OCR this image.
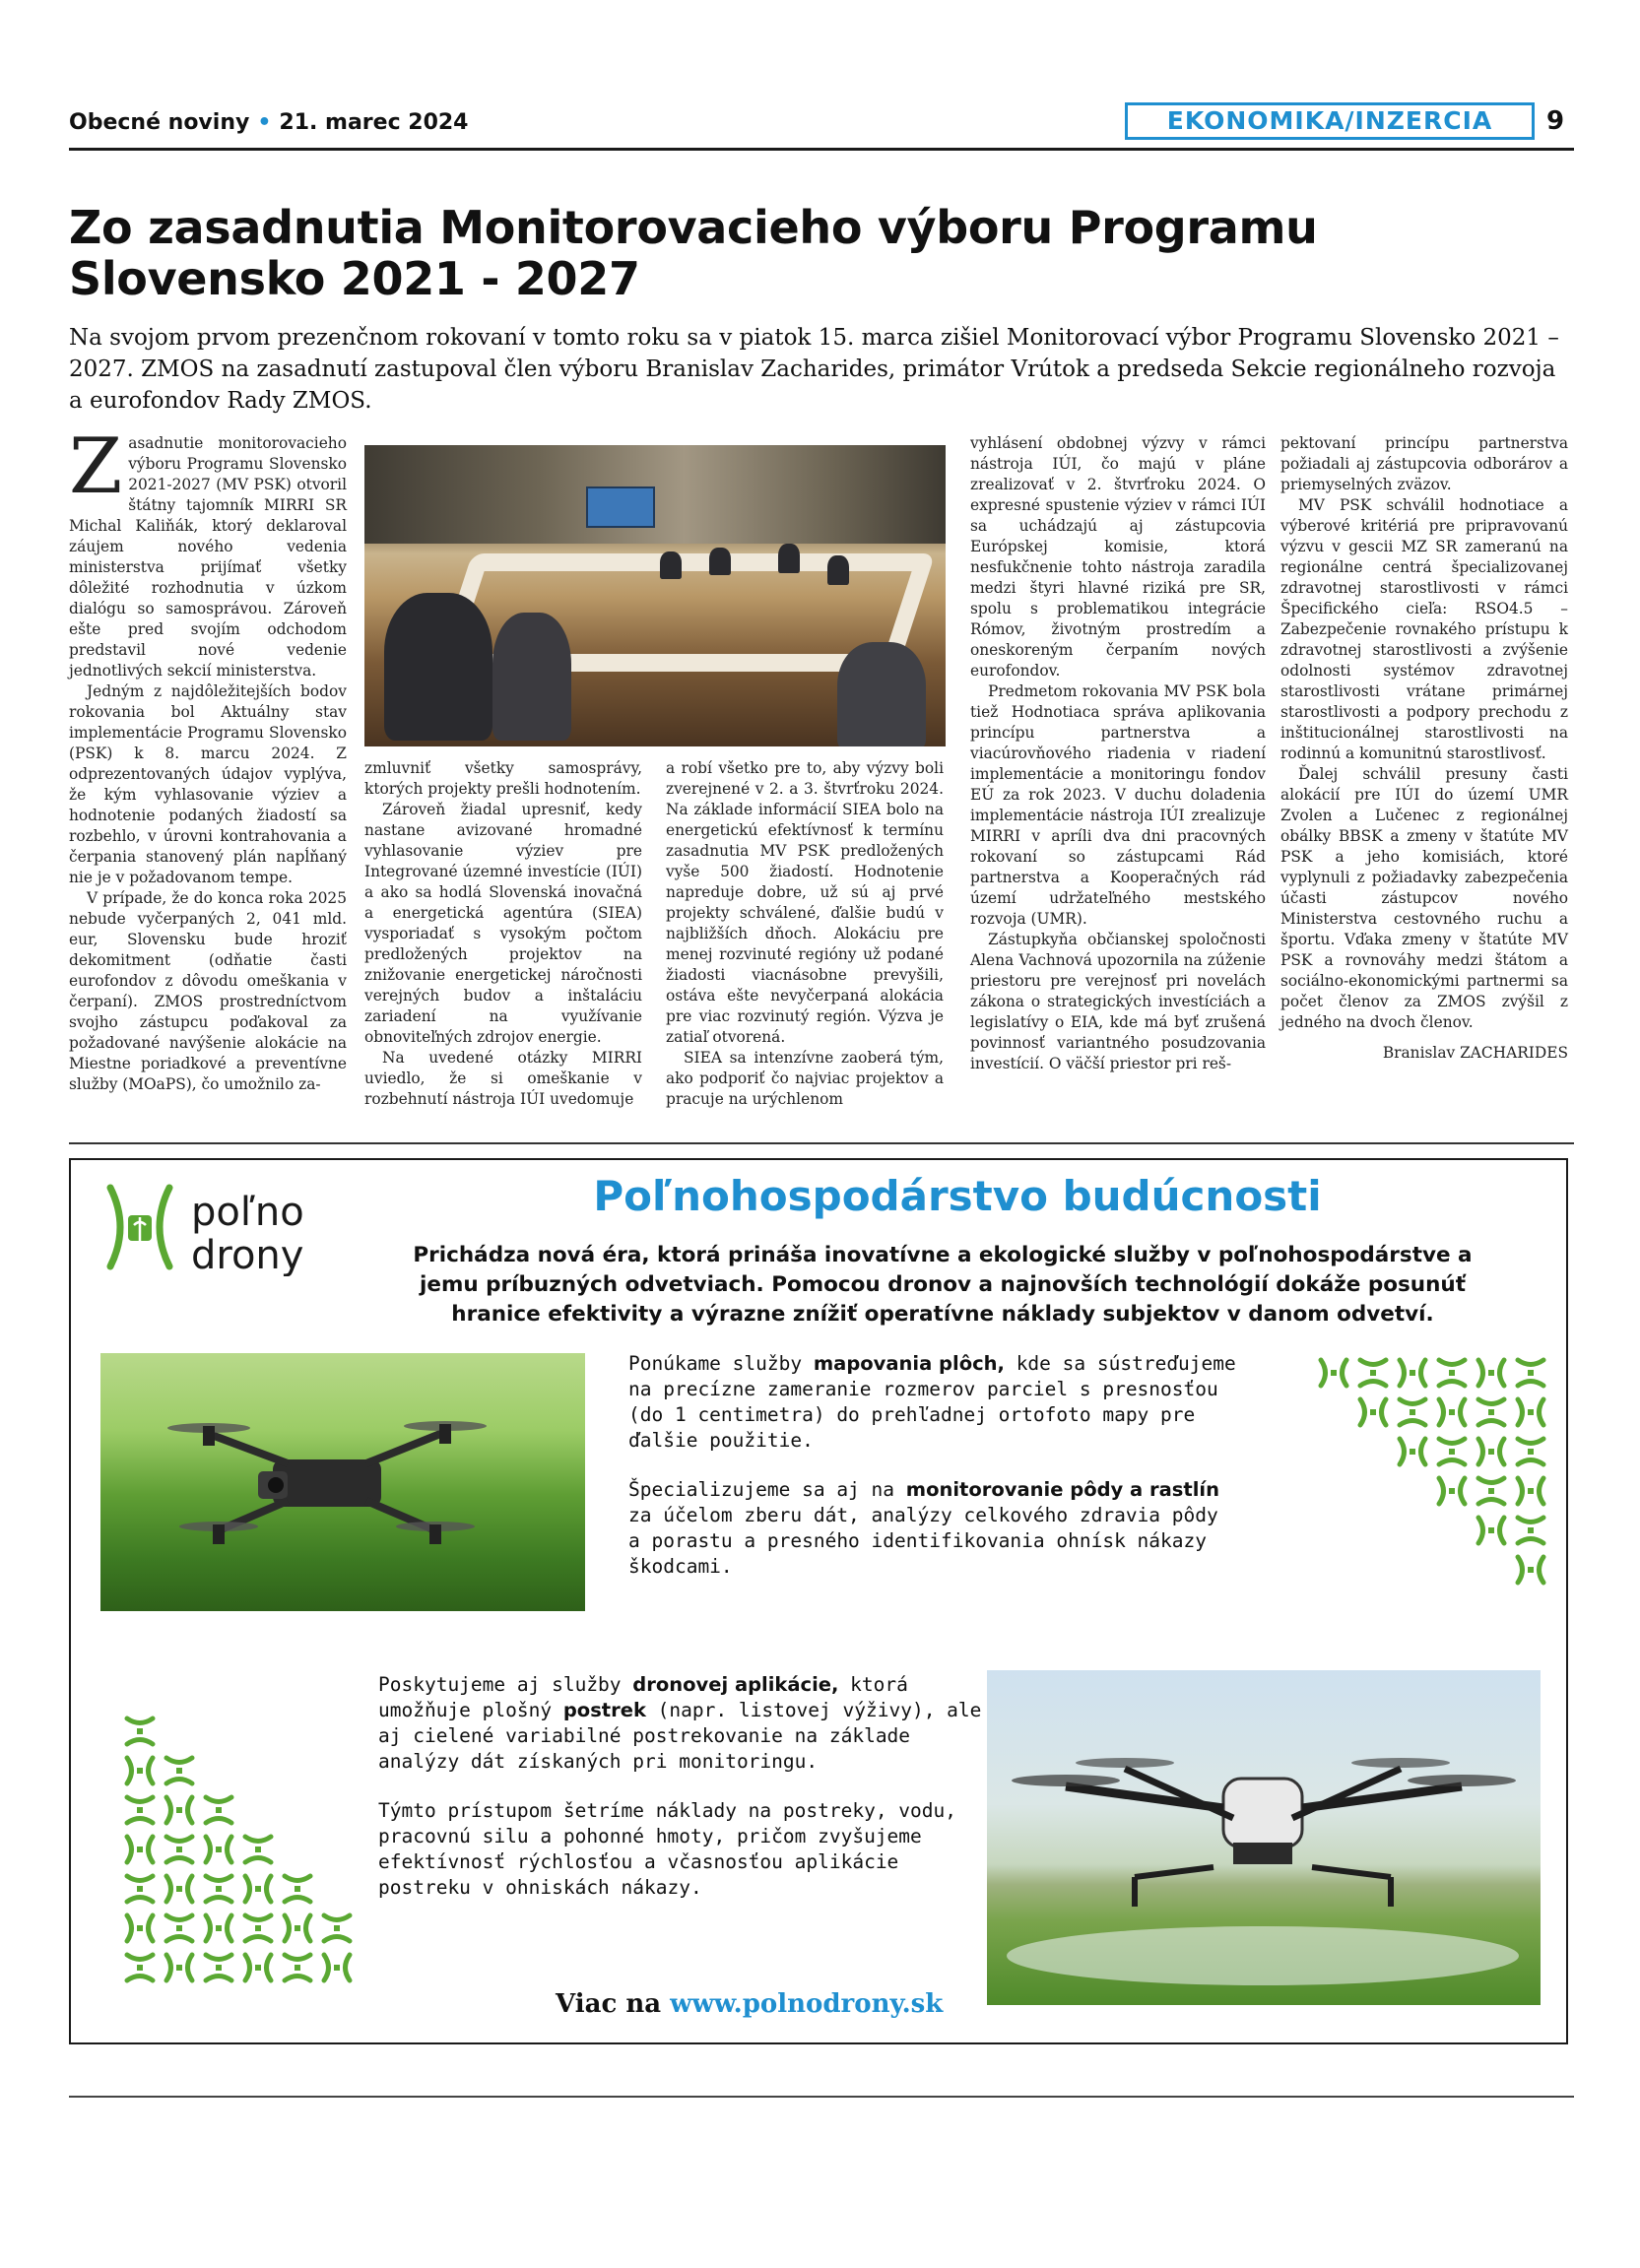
Obecné noviny • 21. marec 2024	EKONOMIKA/INZERCIA	9
Zo zasadnutia Monitorovacieho výboru Programu
Slovensko 2021 - 2027

Na svojom prvom prezenčnom rokovaní v tomto roku sa v piatok 15. marca zišiel Monitorovací výbor Programu Slovensko 2021 – 2027. ZMOS na zasadnutí zastupoval člen výboru Branislav Zacharides, primátor Vrútok a predseda Sekcie regionálneho rozvoja a eurofondov Rady ZMOS.

Zasadnutie monitorovacieho výboru Programu Slovensko 2021-2027 (MV PSK) otvoril štátny tajomník MIRRI SR Michal Kaliňák, ktorý deklaroval záujem nového vedenia ministerstva prijímať všetky dôležité rozhodnutia v úzkom dialógu so samosprávou. Zároveň ešte pred svojím odchodom predstavil nové vedenie jednotlivých sekcií ministerstva.

Jedným z najdôležitejších bodov rokovania bol Aktuálny stav implementácie Programu Slovensko (PSK) k 8. marcu 2024. Z odprezentovaných údajov vyplýva, že kým vyhlasovanie výziev a hodnotenie podaných žiadostí sa rozbehlo, v úrovni kontrahovania a čerpania stanovený plán napĺňaný nie je v požadovanom tempe.

V prípade, že do konca roka 2025 nebude vyčerpaných 2, 041 mld. eur, Slovensku bude hroziť dekomitment (odňatie časti eurofondov z dôvodu omeškania v čerpaní). ZMOS prostredníctvom svojho zástupcu poďakoval za požadované navýšenie alokácie na Miestne poriadkové a preventívne služby (MOaPS), čo umožnilo za-

zmluvniť všetky samosprávy, ktorých projekty prešli hodnotením.

Zároveň žiadal upresniť, kedy nastane avizované hromadné vyhlasovanie výziev pre Integrované územné investície (IÚI) a ako sa hodlá Slovenská inovačná a energetická agentúra (SIEA) vysporiadať s vysokým počtom predložených projektov na znižovanie energetickej náročnosti verejných budov a inštaláciu zariadení na využívanie obnoviteľných zdrojov energie.

Na uvedené otázky MIRRI uviedlo, že si omeškanie v rozbehnutí nástroja IÚI uvedomuje

a robí všetko pre to, aby výzvy boli zverejnené v 2. a 3. štvrťroku 2024. Na základe informácií SIEA bolo na energetickú efektívnosť k termínu zasadnutia MV PSK predložených vyše 500 žiadostí. Hodnotenie napreduje dobre, už sú aj prvé projekty schválené, ďalšie budú v najbližších dňoch. Alokáciu pre menej rozvinuté regióny už podané žiadosti viacnásobne prevyšili, ostáva ešte nevyčerpaná alokácia pre viac rozvinutý región. Výzva je zatiaľ otvorená.

SIEA sa intenzívne zaoberá tým, ako podporiť čo najviac projektov a pracuje na urýchlenom

vyhlásení obdobnej výzvy v rámci nástroja IÚI, čo majú v pláne zrealizovať v 2. štvrťroku 2024. O expresné spustenie výziev v rámci IÚI sa uchádzajú aj zástupcovia Európskej komisie, ktorá nesfukčnenie tohto nástroja zaradila medzi štyri hlavné riziká pre SR, spolu s problematikou integrácie Rómov, životným prostredím a oneskoreným čerpaním nových eurofondov.

Predmetom rokovania MV PSK bola tiež Hodnotiaca správa aplikovania princípu partnerstva a viacúrovňového riadenia v riadení implementácie a monitoringu fondov EÚ za rok 2023. V duchu doladenia implementácie nástroja IÚI zrealizuje MIRRI v apríli dva dni pracovných rokovaní so zástupcami Rád partnerstva a Kooperačných rád území udržateľného mestského rozvoja (UMR).

Zástupkyňa občianskej spoločnosti Alena Vachnová upozornila na zúženie priestoru pre verejnosť pri novelách zákona o strategických investíciách a legislatívy o EIA, kde má byť zrušená povinnosť variantného posudzovania investícií. O väčší priestor pri reš-

pektovaní princípu partnerstva požiadali aj zástupcovia odborárov a priemyselných zväzov.

MV PSK schválil hodnotiace a výberové kritériá pre pripravovanú výzvu v gescii MZ SR zameranú na regionálne centrá špecializovanej zdravotnej starostlivosti v rámci Špecifického cieľa: RSO4.5 – Zabezpečenie rovnakého prístupu k zdravotnej starostlivosti a zvýšenie odolnosti systémov zdravotnej starostlivosti vrátane primárnej starostlivosti a podpory prechodu z inštitucionálnej starostlivosti na rodinnú a komunitnú starostlivosť.

Ďalej schválil presuny časti alokácií pre IÚI do území UMR Zvolen a Lučenec z regionálnej obálky BBSK a zmeny v štatúte MV PSK a jeho komisiách, ktoré vyplynuli z požiadavky zabezpečenia účasti zástupcov nového Ministerstva cestovného ruchu a športu. Vďaka zmeny v štatúte MV PSK a rovnováhy medzi štátom a sociálno-ekonomickými partnermi sa počet členov za ZMOS zvýšil z jedného na dvoch členov.

Branislav ZACHARIDES
poľno
drony
Poľnohospodárstvo budúcnosti
Prichádza nová éra, ktorá prináša inovatívne a ekologické služby v poľnohospodárstve a jemu príbuzných odvetviach. Pomocou dronov a najnovších technológií dokáže posunúť hranice efektivity a výrazne znížiť operatívne náklady subjektov v danom odvetví.

Ponúkame služby mapovania plôch, kde sa sústreďujeme na precízne zameranie rozmerov parciel s presnosťou (do 1 centimetra) do prehľadnej ortofoto mapy pre ďalšie použitie.

Špecializujeme sa aj na monitorovanie pôdy a rastlín za účelom zberu dát, analýzy celkového zdravia pôdy a porastu a presného identifikovania ohnísk nákazy škodcami.

Poskytujeme aj služby dronovej aplikácie, ktorá umožňuje plošný postrek (napr. listovej výživy), ale aj cielené variabilné postrekovanie na základe analýzy dát získaných pri monitoringu.

Týmto prístupom šetríme náklady na postreky, vodu, pracovnú silu a pohonné hmoty, pričom zvyšujeme efektívnosť rýchlosťou a včasnosťou aplikácie postreku v ohniskách nákazy.

Viac na www.polnodrony.sk
